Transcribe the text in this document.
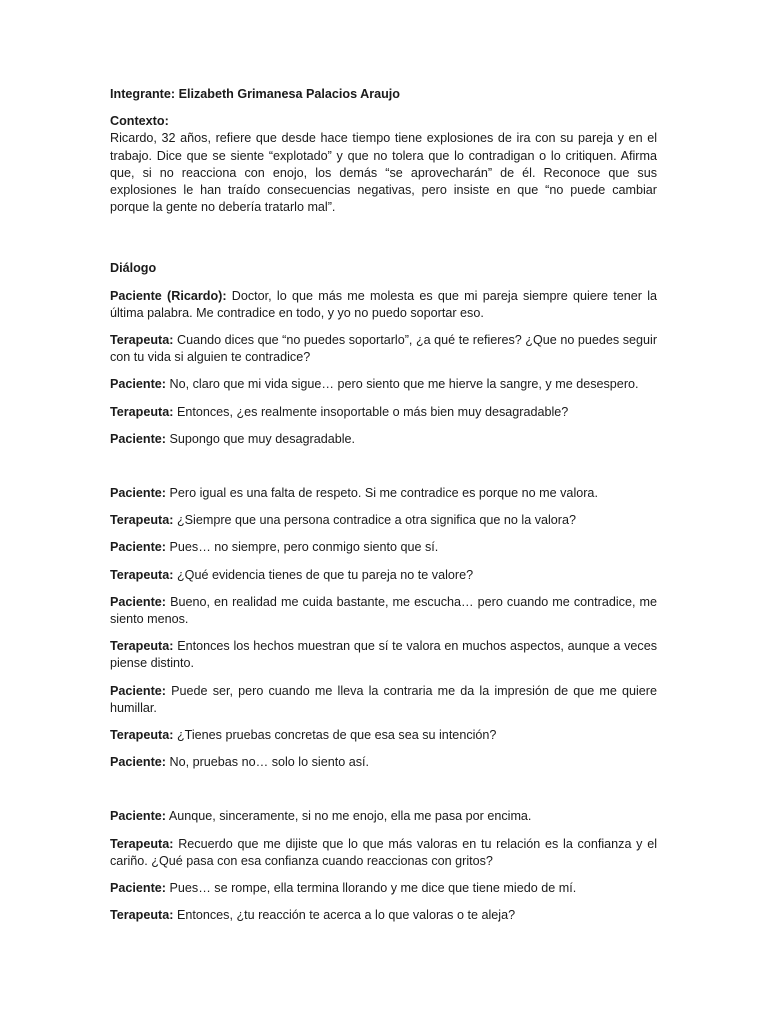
Integrante: Elizabeth Grimanesa Palacios Araujo

Contexto:

Ricardo, 32 años, refiere que desde hace tiempo tiene explosiones de ira con su pareja y en el trabajo. Dice que se siente “explotado” y que no tolera que lo contradigan o lo critiquen. Afirma que, si no reacciona con enojo, los demás “se aprovecharán” de él. Reconoce que sus explosiones le han traído consecuencias negativas, pero insiste en que “no puede cambiar porque la gente no debería tratarlo mal”.

Diálogo

Paciente (Ricardo): Doctor, lo que más me molesta es que mi pareja siempre quiere tener la última palabra. Me contradice en todo, y yo no puedo soportar eso.

Terapeuta: Cuando dices que “no puedes soportarlo”, ¿a qué te refieres? ¿Que no puedes seguir con tu vida si alguien te contradice?

Paciente: No, claro que mi vida sigue… pero siento que me hierve la sangre, y me desespero.

Terapeuta: Entonces, ¿es realmente insoportable o más bien muy desagradable?

Paciente: Supongo que muy desagradable.

Paciente: Pero igual es una falta de respeto. Si me contradice es porque no me valora.

Terapeuta: ¿Siempre que una persona contradice a otra significa que no la valora?

Paciente: Pues… no siempre, pero conmigo siento que sí.

Terapeuta: ¿Qué evidencia tienes de que tu pareja no te valore?

Paciente: Bueno, en realidad me cuida bastante, me escucha… pero cuando me contradice, me siento menos.

Terapeuta: Entonces los hechos muestran que sí te valora en muchos aspectos, aunque a veces piense distinto.

Paciente: Puede ser, pero cuando me lleva la contraria me da la impresión de que me quiere humillar.

Terapeuta: ¿Tienes pruebas concretas de que esa sea su intención?

Paciente: No, pruebas no… solo lo siento así.

Paciente: Aunque, sinceramente, si no me enojo, ella me pasa por encima.

Terapeuta: Recuerdo que me dijiste que lo que más valoras en tu relación es la confianza y el cariño. ¿Qué pasa con esa confianza cuando reaccionas con gritos?

Paciente: Pues… se rompe, ella termina llorando y me dice que tiene miedo de mí.

Terapeuta: Entonces, ¿tu reacción te acerca a lo que valoras o te aleja?
